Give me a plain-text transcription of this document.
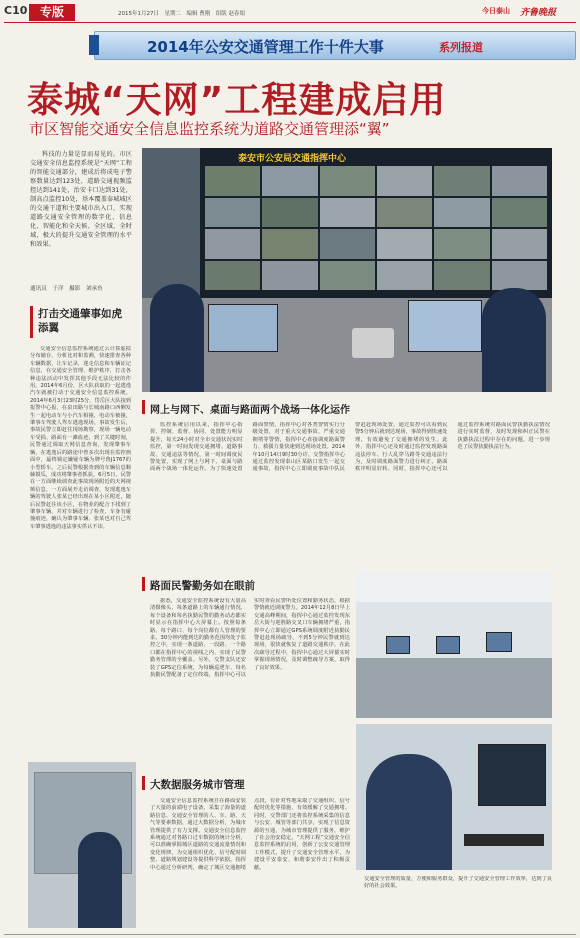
C10	专版	2015年1月27日　星期二　编辑 曹刚　组版 赵春娟	今日泰山 齐鲁晚报
2014年公安交通管理工作十件大事	系列报道
泰城“天网”工程建成启用
市区智能交通安全信息监控系统为道路交通管理添“翼”
科技的力量是显而易见的。市区交通安全信息监控系统是“天网”工程的智能交通部分，建成后将成电子警察数量达到123处，道路交通视频监控达到141处，治安卡口达到31处，制高点监控10处，基本覆盖泰城城区的交通干道和主要城市出入口，实现道路交通安全管理的数字化、信息化、智能化和全天候、全区域、全时域，极大的提升交通安全管理的水平和效果。
通讯员　于洋　摄影　刘承鱼
打击交通肇事如虎添翼
交通安全信息监控系统通过云计算虚拟分布储存、分析比对和监测，快速排查各种车辆数据，让车记录，迷走信息和车辆证记信息，在交通安全管理、维护秩序，打击各种违法活动中发挥其他手段无法比较的作用。2014年6月份，区大队获取的一起逃逸汽车就被打动于交通安全信息监控系统。2014年6月3日23时25分，岱岳区大队接到报警中心报，在泉田路与长城南路口西侧发生一起电动车与小汽车相撞，电动车被撞，肇事车驾驶人驾车逃逸现场。事故发生后，事故民警立即赶往现场勘察，现场一辆电动车受损、路面有一滩血迹，到了关键时刻，民警通过调取天网信息查询，发现肇事车辆，在逃逸后的路途中曾多次出现在监控画面中，最终锁定嫌疑车辆为牌号鲁J1767的小型轿车。之后民警根据查到的车辆信息顺藤摸瓜，成功将肇事者抓获。6月5日，民警在一方面继续调查此事故现场附近的天网视频信息，一方面展开走访调查，发现逃逸车辆的驾驶人张某已经出现在某小区附近，随后民警赶往该小区，在物业的配合下找到了肇事车辆，并对车辆进行了检查，车身有碰撞痕迹，确认为肇事车辆。张某也对自己驾车肇事逃逸的违法事实供认不讳。
泰安市公安局交通指挥中心
网上与网下、桌面与路面两个战场一体化运作
监控系统启用以来，指挥中心指挥、控制、监督、协同、处置能力明显提升，每天24小时对全市交通状况实时监控，第一时间发现交通拥堵、道路事故、交通违法等情况，第一时间调度民警处置，实现了网上与网下、桌面与路面两个战场一体化运作。为了快速处置路面警情，指挥中心对各类警情实行分级处置，对于重大交通事故、严重交通拥堵等警情，指挥中心直接调度路面警力、救援力量快速到达现场处置。2014年10月14日9时30分许，交警指挥中心通过监控发现泰山区某路口发生一起交通事故，指挥中心立即调度事故中队民警赶赴现场处置，通过监控可以看到民警5分钟后就到达现场，事故得到快速处理，有效避免了交通拥堵的发生。此外，指挥中心还及时通过监控发现路面违法停车、行人乱穿马路等交通违法行为，及时调度路面警力进行纠正，路面秩序明显好转。同时，指挥中心还可以通过监控系统对路面民警执勤执法情况进行实时监督，及时发现和纠正民警在执勤执法过程中存在的问题，进一步规范了民警执勤执法行为。
路面民警勤务如在眼前
据悉，交通安全监控系统设有大量高清摄像头，每条道路上的车辆通行情况，每个设备和每名执勤民警的勤务动态都实时显示在指挥中心大屏幕上。按照每条路、每个路口、每个岗位都有人管理的要求，30分钟内能到达的勤务范围均处于监控之中，实现一条道路、一段路、一个路口都在指挥中心的视线之内，实现了民警勤务管理的全覆盖。另外，交警支队还安装了GPS定位系统，为每辆巡逻车、每名执勤民警配备了定位终端，指挥中心可以实时查看民警所处位置和勤务状态，根据警情就近调度警力。2014年12月8日早上交通高峰期间，指挥中心通过监控发现东岳大街与迎胜路交叉口车辆拥堵严重，指挥中心立即通过GPS系统调度附近执勤民警赶赴现场疏导，不到5分钟民警就到达现场，很快就恢复了道路交通秩序。在此次疏导过程中，指挥中心通过大屏幕实时掌握现场情况，及时调整疏导方案，取得了良好效果。
大数据服务城市管理
交通安全信息监控系统自在路面安装了大量的前端电子设备，采集了海量的道路信息、交通安全管理的人、车、路、天气等要素数据，通过大数据分析，为城市管理提供了有力支撑。交通安全信息监控系统通过对各路口过车数据的统计分析，可以准确掌握城区道路的交通流量情况和变化规律，为交通组织优化、信号配时调整、道路规划建设等提供科学依据。指挥中心通过分析研判，确定了城区交通拥堵点段，有针对性地采取了交通组织、信号配时优化等措施，有效缓解了交通拥堵。同时，交警部门还将监控系统采集的信息与公安、城管等部门共享，实现了信息资源的互通，为城市管理提供了服务，维护了社会治安稳定。“天网工程”交通安全信息监控系统的启用，创新了公安交通管理工作模式，提升了交通安全管理水平，为建设平安泰安、和谐泰安作出了积极贡献。
交通安全管理的质量，方便和服务群众，提升了交通安全管理工作效率，达到了良好的社会效果。
